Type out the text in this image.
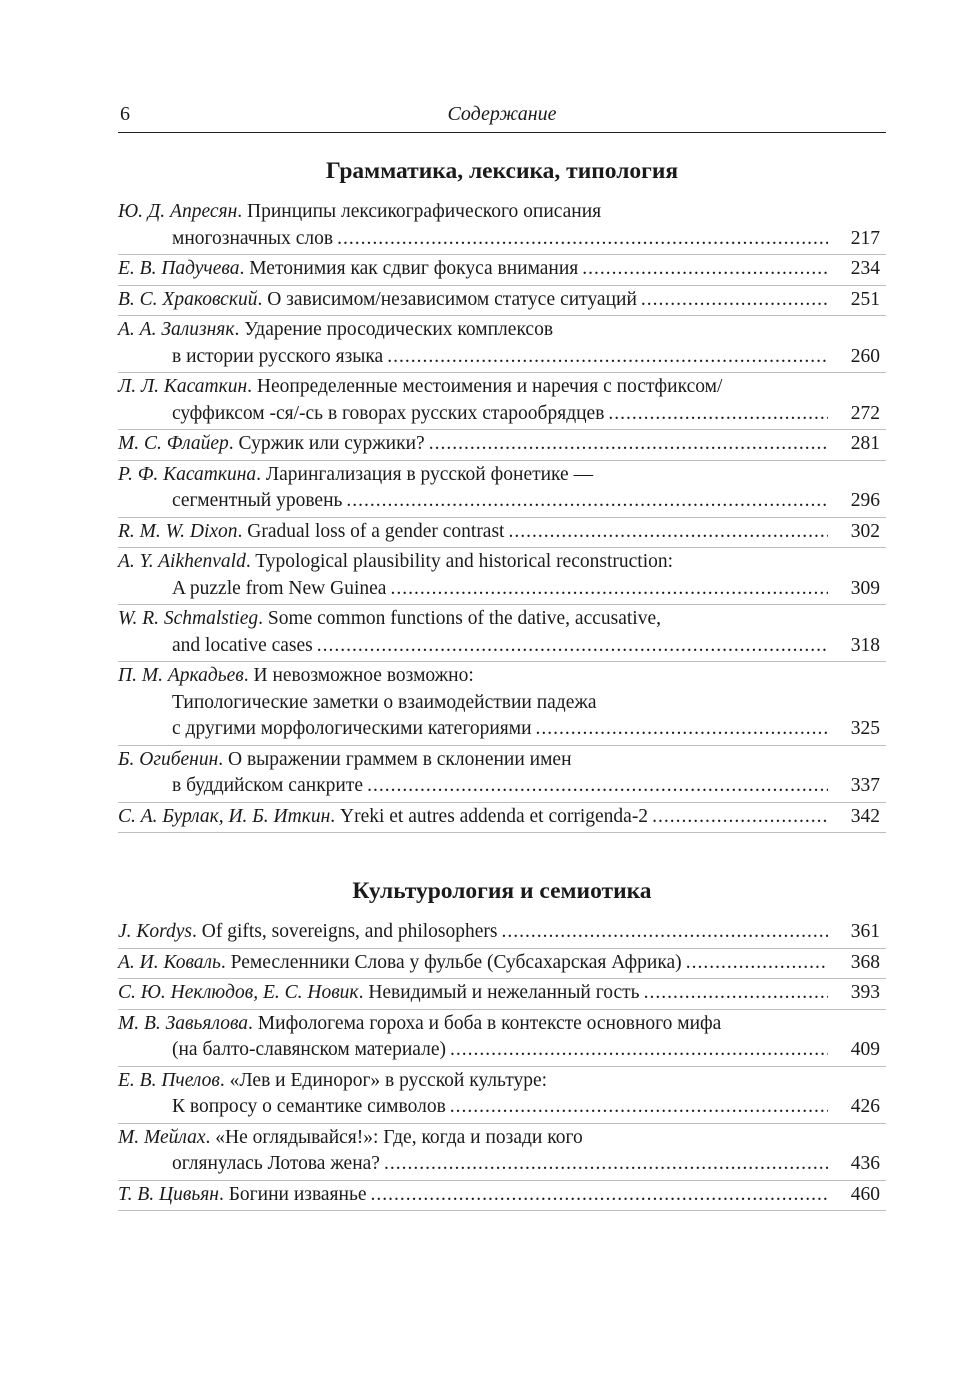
6	Содержание
Грамматика, лексика, типология
Ю. Д. Апресян. Принципы лексикографического описания
многозначных слов .....	217
Е. В. Падучева. Метонимия как сдвиг фокуса внимания .....	234
В. С. Храковский. О зависимом/независимом статусе ситуаций .....	251
А. А. Зализняк. Ударение просодических комплексов
в истории русского языка .....	260
Л. Л. Касаткин. Неопределенные местоимения и наречия с постфиксом/
суффиксом -ся/-сь в говорах русских старообрядцев .....	272
М. С. Флайер. Суржик или суржики? .....	281
Р. Ф. Касаткина. Ларингализация в русской фонетике —
сегментный уровень .....	296
R. M. W. Dixon. Gradual loss of a gender contrast .....	302
A. Y. Aikhenvald. Typological plausibility and historical reconstruction:
A puzzle from New Guinea .....	309
W. R. Schmalstieg. Some common functions of the dative, accusative,
and locative cases .....	318
П. М. Аркадьев. И невозможное возможно:
Типологические заметки о взаимодействии падежа
с другими морфологическими категориями .....	325
Б. Огибенин. О выражении граммем в склонении имен
в буддийском санкрите .....	337
С. А. Бурлак, И. Б. Иткин. Yreki et autres addenda et corrigenda-2 .....	342
Культурология и семиотика
J. Kordys. Of gifts, sovereigns, and philosophers .....	361
А. И. Коваль. Ремесленники Слова у фульбе (Субсахарская Африка) .....	368
С. Ю. Неклюдов, Е. С. Новик. Невидимый и нежеланный гость .....	393
М. В. Завьялова. Мифологема гороха и боба в контексте основного мифа
(на балто-славянском материале) .....	409
Е. В. Пчелов. «Лев и Единорог» в русской культуре:
К вопросу о семантике символов .....	426
М. Мейлах. «Не оглядывайся!»: Где, когда и позади кого
оглянулась Лотова жена? .....	436
Т. В. Цивьян. Богини изваянье .....	460
